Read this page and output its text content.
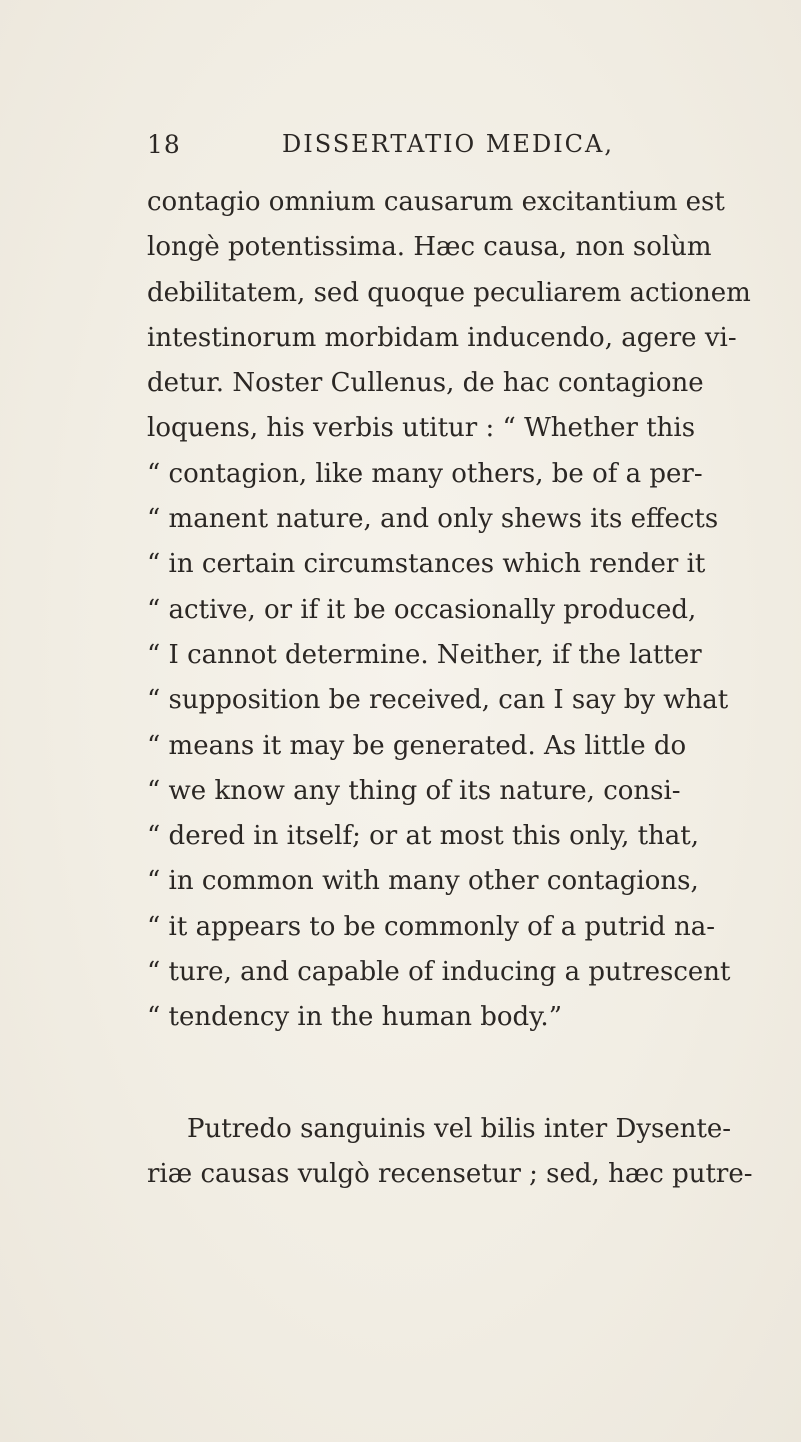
18	DISSERTATIO MEDICA,
contagio omnium causarum excitantium est
longè potentissima. Hæc causa, non solùm
debilitatem, sed quoque peculiarem actionem
intestinorum morbidam inducendo, agere vi-
detur. Noster Cullenus, de hac contagione
loquens, his verbis utitur : “ Whether this
“ contagion, like many others, be of a per-
“ manent nature, and only shews its effects
“ in certain circumstances which render it
“ active, or if it be occasionally produced,
“ I cannot determine. Neither, if the latter
“ supposition be received, can I say by what
“ means it may be generated. As little do
“ we know any thing of its nature, consi-
“ dered in itself; or at most this only, that,
“ in common with many other contagions,
“ it appears to be commonly of a putrid na-
“ ture, and capable of inducing a putrescent
“ tendency in the human body.”
Putredo sanguinis vel bilis inter Dysente-
riæ causas vulgò recensetur ; sed, hæc putre-
